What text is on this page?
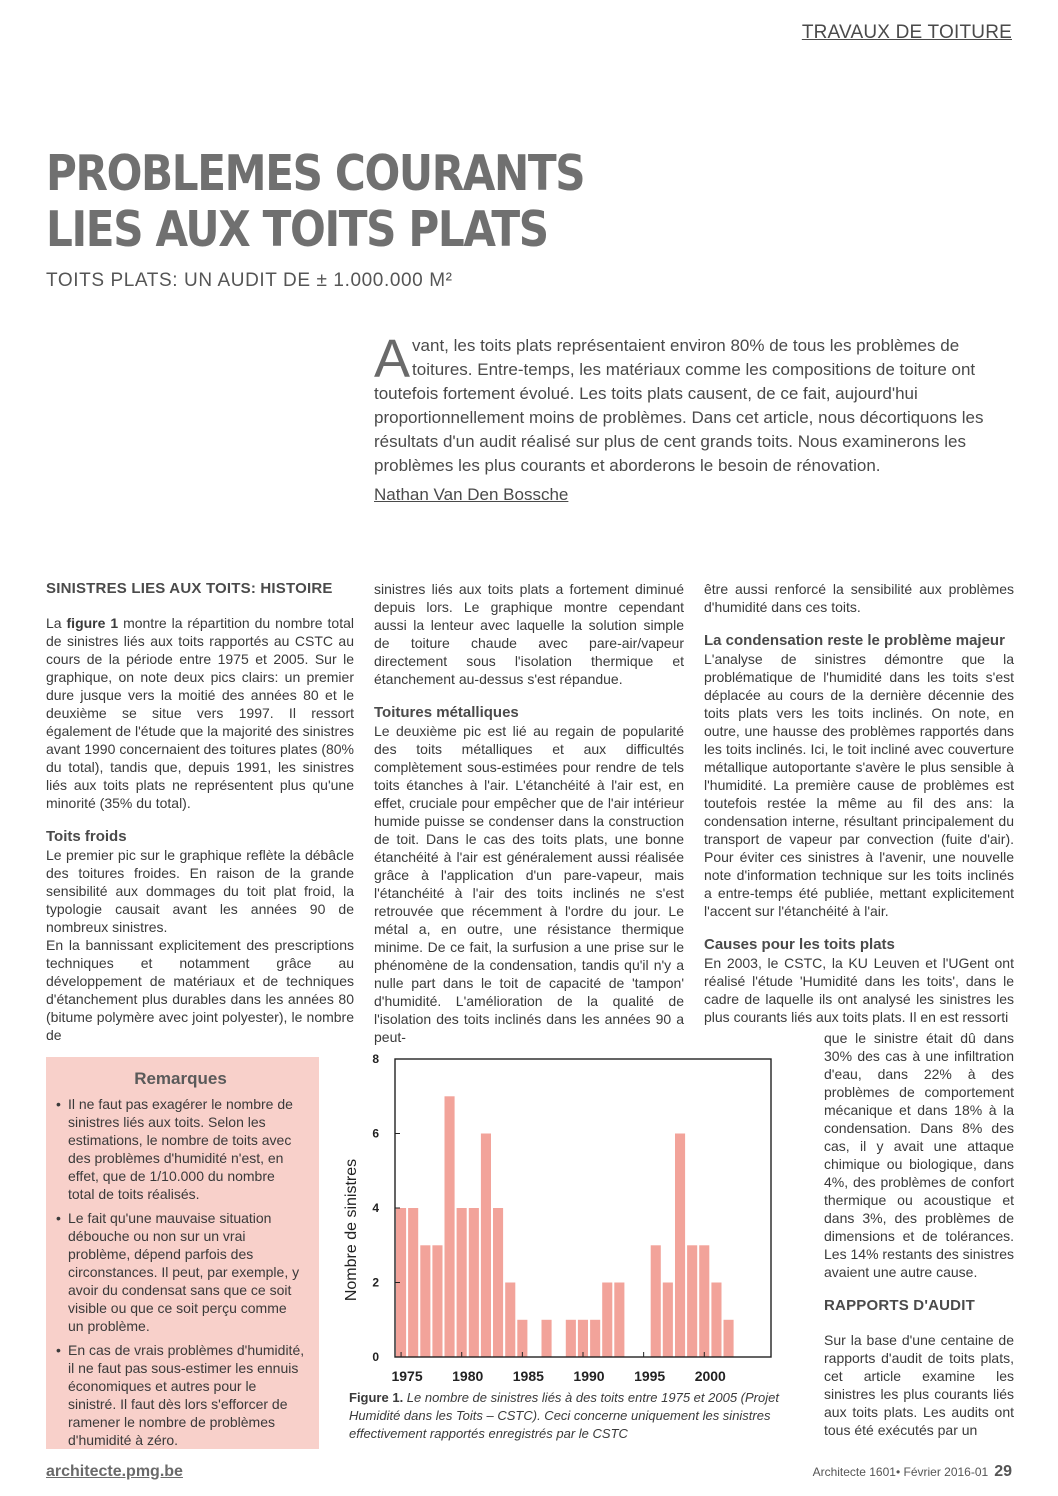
TRAVAUX DE TOITURE
PROBLEMES COURANTS
LIES AUX TOITS PLATS
TOITS PLATS: UN AUDIT DE ± 1.000.000 M²
Avant, les toits plats représentaient environ 80% de tous les problèmes de toitures. Entre-temps, les matériaux comme les compositions de toiture ont toutefois fortement évolué. Les toits plats causent, de ce fait, aujourd'hui proportionnellement moins de problèmes. Dans cet article, nous décortiquons les résultats d'un audit réalisé sur plus de cent grands toits. Nous examinerons les problèmes les plus courants et aborderons le besoin de rénovation.
Nathan Van Den Bossche
SINISTRES LIES AUX TOITS: HISTOIRE

La figure 1 montre la répartition du nombre total de sinistres liés aux toits rapportés au CSTC au cours de la période entre 1975 et 2005. Sur le graphique, on note deux pics clairs: un premier dure jusque vers la moitié des années 80 et le deuxième se situe vers 1997. Il ressort également de l'étude que la majorité des sinistres avant 1990 concernaient des toitures plates (80% du total), tandis que, depuis 1991, les sinistres liés aux toits plats ne représentent plus qu'une minorité (35% du total).

Toits froids

Le premier pic sur le graphique reflète la débâcle des toitures froides. En raison de la grande sensibilité aux dommages du toit plat froid, la typologie causait avant les années 90 de nombreux sinistres.

En la bannissant explicitement des prescriptions techniques et notamment grâce au développement de matériaux et de techniques d'étanchement plus durables dans les années 80 (bitume polymère avec joint polyester), le nombre de

sinistres liés aux toits plats a fortement diminué depuis lors. Le graphique montre cependant aussi la lenteur avec laquelle la solution simple de toiture chaude avec pare-air/vapeur directement sous l'isolation thermique et étanchement au-dessus s'est répandue.

Toitures métalliques

Le deuxième pic est lié au regain de popularité des toits métalliques et aux difficultés complètement sous-estimées pour rendre de tels toits étanches à l'air. L'étanchéité à l'air est, en effet, cruciale pour empêcher que de l'air intérieur humide puisse se condenser dans la construction de toit. Dans le cas des toits plats, une bonne étanchéité à l'air est généralement aussi réalisée grâce à l'application d'un pare-vapeur, mais l'étanchéité à l'air des toits inclinés ne s'est retrouvée que récemment à l'ordre du jour. Le métal a, en outre, une résistance thermique minime. De ce fait, la surfusion a une prise sur le phénomène de la condensation, tandis qu'il n'y a nulle part dans le toit de capacité de 'tampon' d'humidité. L'amélioration de la qualité de l'isolation des toits inclinés dans les années 90 a peut-

être aussi renforcé la sensibilité aux problèmes d'humidité dans ces toits.

La condensation reste le problème majeur

L'analyse de sinistres démontre que la problématique de l'humidité dans les toits s'est déplacée au cours de la dernière décennie des toits plats vers les toits inclinés. On note, en outre, une hausse des problèmes rapportés dans les toits inclinés. Ici, le toit incliné avec couverture métallique autoportante s'avère le plus sensible à l'humidité. La première cause de problèmes est toutefois restée la même au fil des ans: la condensation interne, résultant principalement du transport de vapeur par convection (fuite d'air). Pour éviter ces sinistres à l'avenir, une nouvelle note d'information technique sur les toits inclinés a entre-temps été publiée, mettant explicitement l'accent sur l'étanchéité à l'air.

Causes pour les toits plats

En 2003, le CSTC, la KU Leuven et l'UGent ont réalisé l'étude 'Humidité dans les toits', dans le cadre de laquelle ils ont analysé les sinistres les plus courants liés aux toits plats. Il en est ressorti

que le sinistre était dû dans 30% des cas à une infiltration d'eau, dans 22% à des problèmes de comportement mécanique et dans 18% à la condensation. Dans 8% des cas, il y avait une attaque chimique ou biologique, dans 4%, des problèmes de confort thermique ou acoustique et dans 3%, des problèmes de dimensions et de tolérances. Les 14% restants des sinistres avaient une autre cause.

RAPPORTS D'AUDIT

Sur la base d'une centaine de rapports d'audit de toits plats, cet article examine les sinistres les plus courants liés aux toits plats. Les audits ont tous été exécutés par un

Remarques
• Il ne faut pas exagérer le nombre de sinistres liés aux toits. Selon les estimations, le nombre de toits avec des problèmes d'humidité n'est, en effet, que de 1/10.000 du nombre total de toits réalisés.
• Le fait qu'une mauvaise situation débouche ou non sur un vrai problème, dépend parfois des circonstances. Il peut, par exemple, y avoir du condensat sans que ce soit visible ou que ce soit perçu comme un problème.
• En cas de vrais problèmes d'humidité, il ne faut pas sous-estimer les ennuis économiques et autres pour le sinistré. Il faut dès lors s'efforcer de ramener le nombre de problèmes d'humidité à zéro.
Nombre de sinistres
0
2
4
6
8
1975 1980 1985 1990 1995 2000
Figure 1. Le nombre de sinistres liés à des toits entre 1975 et 2005 (Projet Humidité dans les Toits – CSTC). Ceci concerne uniquement les sinistres effectivement rapportés enregistrés par le CSTC
architecte.pmg.be	Architecte 1601• Février 2016-01 29
